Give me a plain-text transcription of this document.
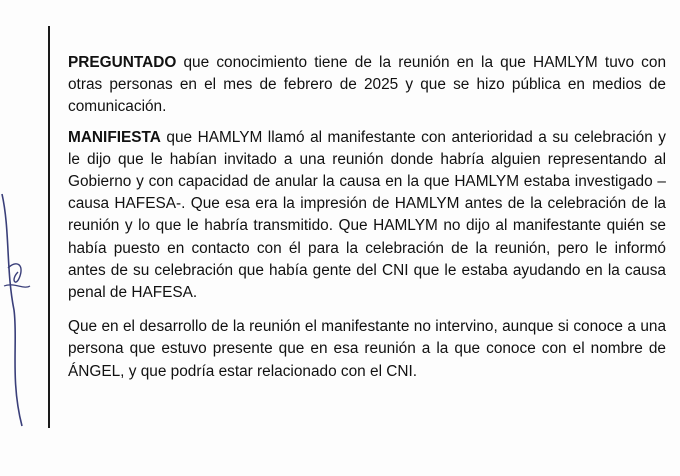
PREGUNTADO que conocimiento tiene de la reunión en la que HAMLYM tuvo con otras personas en el mes de febrero de 2025 y que se hizo pública en medios de comunicación.

MANIFIESTA que HAMLYM llamó al manifestante con anterioridad a su celebración y le dijo que le habían invitado a una reunión donde habría alguien representando al Gobierno y con capacidad de anular la causa en la que HAMLYM estaba investigado –causa HAFESA-. Que esa era la impresión de HAMLYM antes de la celebración de la reunión y lo que le habría transmitido. Que HAMLYM no dijo al manifestante quién se había puesto en contacto con él para la celebración de la reunión, pero le informó antes de su celebración que había gente del CNI que le estaba ayudando en la causa penal de HAFESA.

Que en el desarrollo de la reunión el manifestante no intervino, aunque si conoce a una persona que estuvo presente que en esa reunión a la que conoce con el nombre de ÁNGEL, y que podría estar relacionado con el CNI.
